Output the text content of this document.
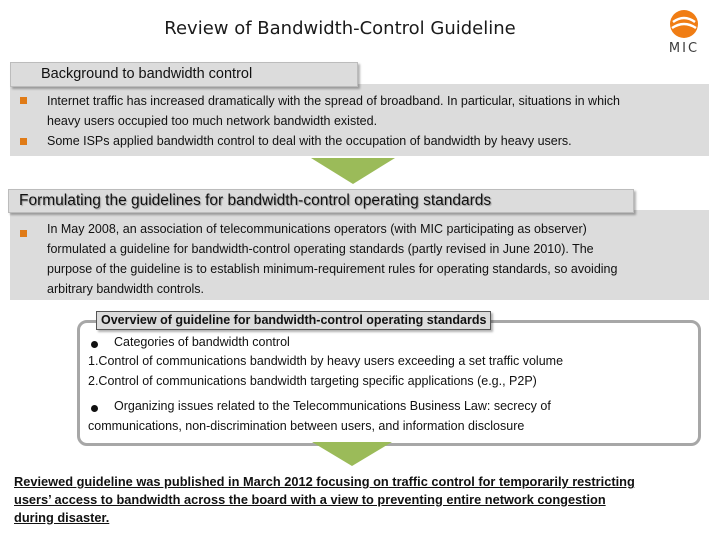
Review of Bandwidth-Control Guideline
MIC
Background to bandwidth control
Internet traffic has increased dramatically with the spread of broadband. In particular, situations in which
heavy users occupied too much network bandwidth existed.
Some ISPs applied bandwidth control to deal with the occupation of bandwidth by heavy users.
Formulating the guidelines for bandwidth-control operating standards
In May 2008, an association of telecommunications operators (with MIC participating as observer)
formulated a guideline for bandwidth-control operating standards (partly revised in June 2010). The
purpose of the guideline is to establish minimum-requirement rules for operating standards, so avoiding
arbitrary bandwidth controls.
Overview of guideline for bandwidth-control operating standards
Categories of bandwidth control
1.Control of communications bandwidth by heavy users exceeding a set traffic volume
2.Control of communications bandwidth targeting specific applications (e.g., P2P)
Organizing issues related to the Telecommunications Business Law: secrecy of
communications, non-discrimination between users, and information disclosure
Reviewed guideline was published in March 2012 focusing on traffic control for temporarily restricting
users’ access to bandwidth across the board with a view to preventing entire network congestion
during disaster.
